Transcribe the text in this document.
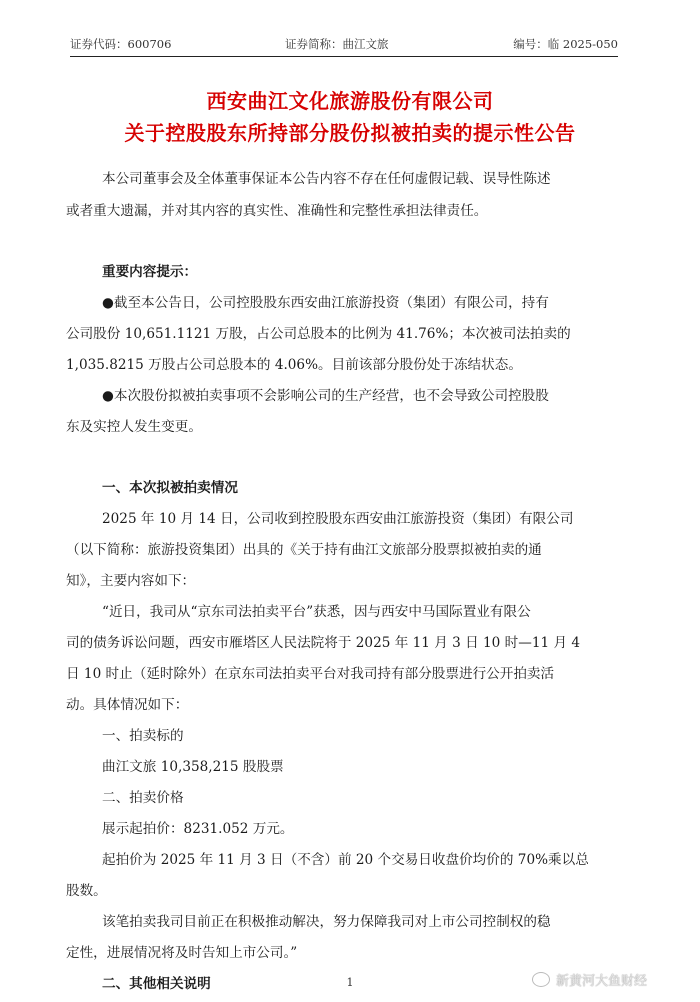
证券代码：600706	证券简称：曲江文旅	编号：临 2025-050
西安曲江文化旅游股份有限公司
关于控股股东所持部分股份拟被拍卖的提示性公告
本公司董事会及全体董事保证本公告内容不存在任何虚假记载、误导性陈述
或者重大遗漏，并对其内容的真实性、准确性和完整性承担法律责任。
重要内容提示：
●截至本公告日，公司控股股东西安曲江旅游投资（集团）有限公司，持有
公司股份 10,651.1121 万股，占公司总股本的比例为 41.76%；本次被司法拍卖的
1,035.8215 万股占公司总股本的 4.06%。目前该部分股份处于冻结状态。
●本次股份拟被拍卖事项不会影响公司的生产经营，也不会导致公司控股股
东及实控人发生变更。
一、本次拟被拍卖情况
2025 年 10 月 14 日，公司收到控股股东西安曲江旅游投资（集团）有限公司
（以下简称：旅游投资集团）出具的《关于持有曲江文旅部分股票拟被拍卖的通
知》，主要内容如下：
“近日，我司从“京东司法拍卖平台”获悉，因与西安中马国际置业有限公
司的债务诉讼问题，西安市雁塔区人民法院将于 2025 年 11 月 3 日 10 时—11 月 4
日 10 时止（延时除外）在京东司法拍卖平台对我司持有部分股票进行公开拍卖活
动。具体情况如下：
一、拍卖标的
曲江文旅 10,358,215 股股票
二、拍卖价格
展示起拍价：8231.052 万元。
起拍价为 2025 年 11 月 3 日（不含）前 20 个交易日收盘价均价的 70%乘以总
股数。
该笔拍卖我司目前正在积极推动解决，努力保障我司对上市公司控制权的稳
定性，进展情况将及时告知上市公司。”
二、其他相关说明	1	新黄河大鱼财经
